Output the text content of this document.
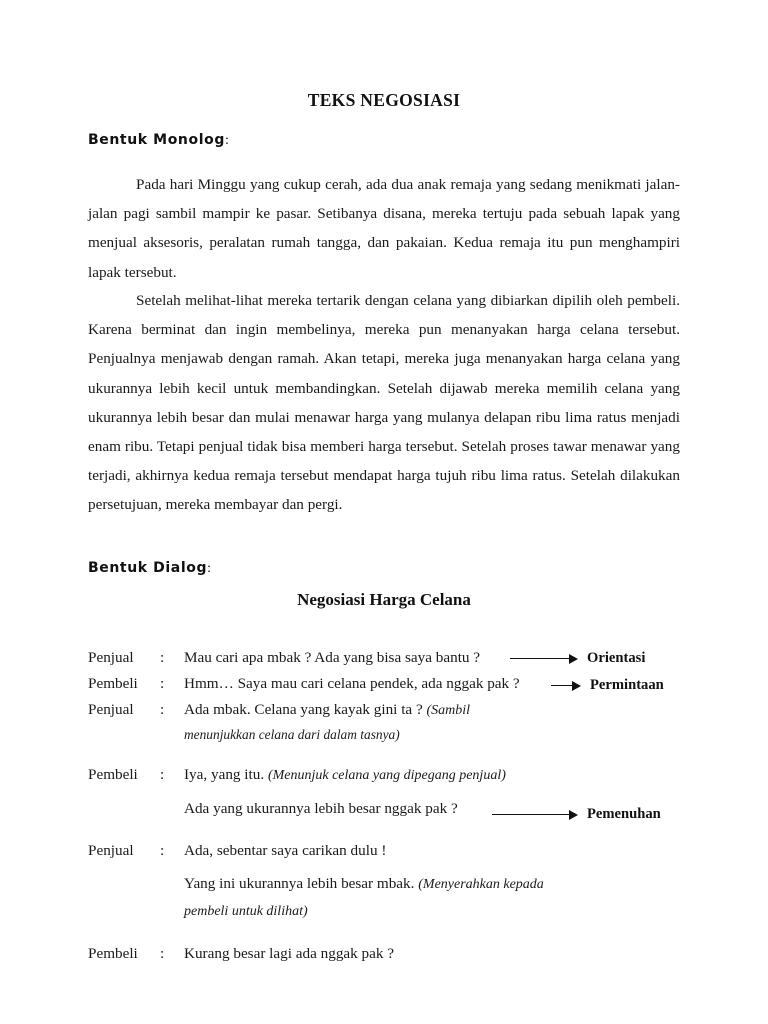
TEKS NEGOSIASI
Bentuk Monolog:
Pada hari Minggu yang cukup cerah, ada dua anak remaja yang sedang menikmati jalan-jalan pagi sambil mampir ke pasar. Setibanya disana, mereka tertuju pada sebuah lapak yang menjual aksesoris, peralatan rumah tangga, dan pakaian. Kedua remaja itu pun menghampiri lapak tersebut.
Setelah melihat-lihat mereka tertarik dengan celana yang dibiarkan dipilih oleh pembeli. Karena berminat dan ingin membelinya, mereka pun menanyakan harga celana tersebut. Penjualnya menjawab dengan ramah. Akan tetapi, mereka juga menanyakan harga celana yang ukurannya lebih kecil untuk membandingkan. Setelah dijawab mereka memilih celana yang ukurannya lebih besar dan mulai menawar harga yang mulanya delapan ribu lima ratus menjadi enam ribu. Tetapi penjual tidak bisa memberi harga tersebut. Setelah proses tawar menawar yang terjadi, akhirnya kedua remaja tersebut mendapat harga tujuh ribu lima ratus. Setelah dilakukan persetujuan, mereka membayar dan pergi.
Bentuk Dialog:
Negosiasi Harga Celana
Penjual	:	Mau cari apa mbak ? Ada yang bisa saya bantu ?
Pembeli	:	Hmm… Saya mau cari celana pendek, ada nggak pak ?
Penjual	:	Ada mbak. Celana yang kayak gini ta ? (Sambil
menunjukkan celana dari dalam tasnya)
Pembeli	:	Iya, yang itu. (Menunjuk celana yang dipegang penjual)
Ada yang ukurannya lebih besar nggak pak ?
Penjual	:	Ada, sebentar saya carikan dulu !
Yang ini ukurannya lebih besar mbak. (Menyerahkan kepada pembeli untuk dilihat)
Pembeli	:	Kurang besar lagi ada nggak pak ?
Orientasi
Permintaan
Pemenuhan
